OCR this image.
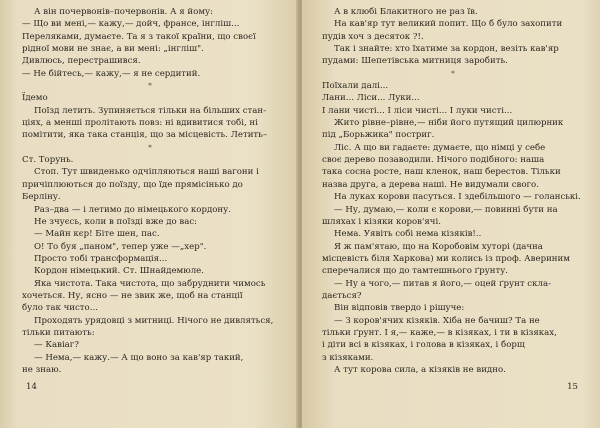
А він почервонів–почервонів. А я йому:
— Що ви мені,— кажу,— дойч, франсе, інгліш...
Переляками, думаєте. Та я з такої країни, що своєї
рідної мови не знає, а ви мені: „інгліш".
Дивлюсь, перестрашився.
— Не бійтесь,— кажу,— я не сердитий.
*
Їдемо
Поїзд летить. Зупиняється тільки на більших стан-
ціях, а менші пролітають повз: ні вдивитися тобі, ні
помітити, яка така станція, що за місцевість. Летить–
*
Ст. Торунь.
Стоп. Тут швиденько одчіпляються наші вагони і
причіплюються до поїзду, що їде прямісінько до
Берліну.
Раз–два — і летимо до німецького кордону.
Не зчуєсь, коли в поїзді вже до вас:
— Майн кєр! Біте шен, пас.
О! То буя „паном", тепер уже —„хер".
Просто тобі трансформація...
Кордон німецький. Ст. Шнайдемюле.
Яка чистота. Така чистота, що забруднити чимось
хочеться. Ну, ясно — не звик же, щоб на станції
було так чисто...
Проходять урядовці з митниці. Нічого не дивляться,
тільки питають:
— Кавіаг?
— Нема,— кажу.— А що воно за кав'яр такий,
не знаю.
14
А в клюбі Блакитного не раз їв.
На кав'яр тут великий попит. Що б було захопити
пудів хоч з десяток ?!.
Так і знайте: хто їхатиме за кордон, везіть кав'яр
пудами: Шепетівська митниця заробить.
*
Поїхали далі...
Лани... Ліси... Луки...
І лани чисті... І ліси чисті... І луки чисті...
Жито рівне–рівне,— ніби його путящий цилюрник
під „Борьжика" постриг.
Ліс. А що ви гадаєте: думаєте, що німці у себе
своє дерево позаводили. Нічого подібного: наша
така сосна росте, наш кленок, наш берестов. Тільки
назва друга, а дерева наші. Не видумали свого.
На луках корови пасуться. І здебільшого — голанські.
— Ну, думаю,— коли є корови,— повинні бути на
шляхах і кізяки коров'ячі.
Нема. Уявіть собі нема кізяків!..
Я ж пам'ятаю, що на Коробовім хуторі (дачна
місцевість біля Харкова) ми колись із проф. Авериним
сперечалися що до тамтешнього ґрунту.
— Ну а чого,— питав я його,— оцей ґрунт скла-
дається?
Він відповів твердо і рішуче:
— З коров'ячих кізяків. Хіба не бачиш? Та не
тільки ґрунт. І я,— каже,— в кізяках, і ти в кізяках,
і діти всі в кізяках, і голова в кізяках, і борщ
з кізяками.
А тут корова сила, а кізяків не видно.
15
